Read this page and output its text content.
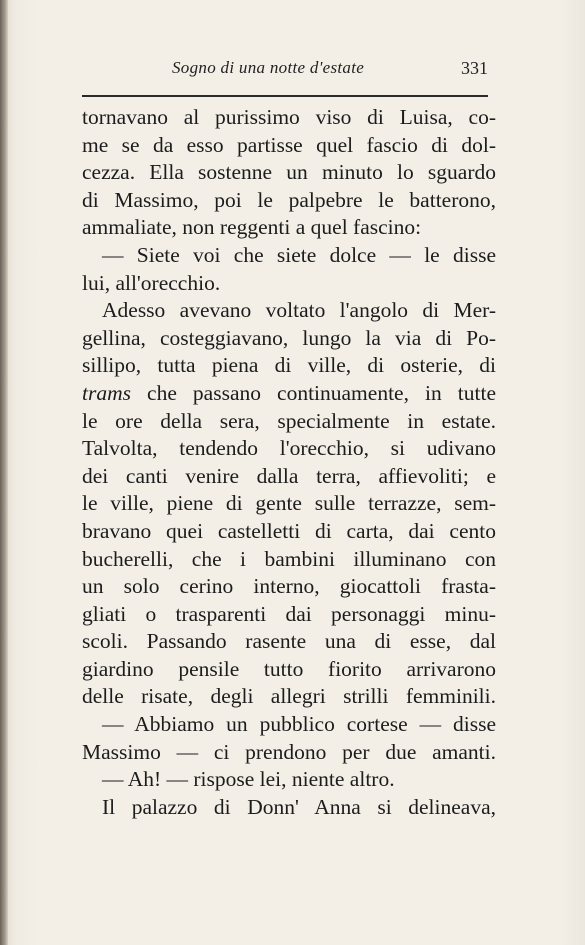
Sogno di una notte d'estate	331
tornavano al purissimo viso di Luisa, co-
me se da esso partisse quel fascio di dol-
cezza. Ella sostenne un minuto lo sguardo
di Massimo, poi le palpebre le batterono,
ammaliate, non reggenti a quel fascino:
— Siete voi che siete dolce — le disse
lui, all'orecchio.
Adesso avevano voltato l'angolo di Mer-
gellina, costeggiavano, lungo la via di Po-
sillipo, tutta piena di ville, di osterie, di
trams che passano continuamente, in tutte
le ore della sera, specialmente in estate.
Talvolta, tendendo l'orecchio, si udivano
dei canti venire dalla terra, affievoliti; e
le ville, piene di gente sulle terrazze, sem-
bravano quei castelletti di carta, dai cento
bucherelli, che i bambini illuminano con
un solo cerino interno, giocattoli frasta-
gliati o trasparenti dai personaggi minu-
scoli. Passando rasente una di esse, dal
giardino pensile tutto fiorito arrivarono
delle risate, degli allegri strilli femminili.
— Abbiamo un pubblico cortese — disse
Massimo — ci prendono per due amanti.
— Ah! — rispose lei, niente altro.
Il palazzo di Donn' Anna si delineava,
